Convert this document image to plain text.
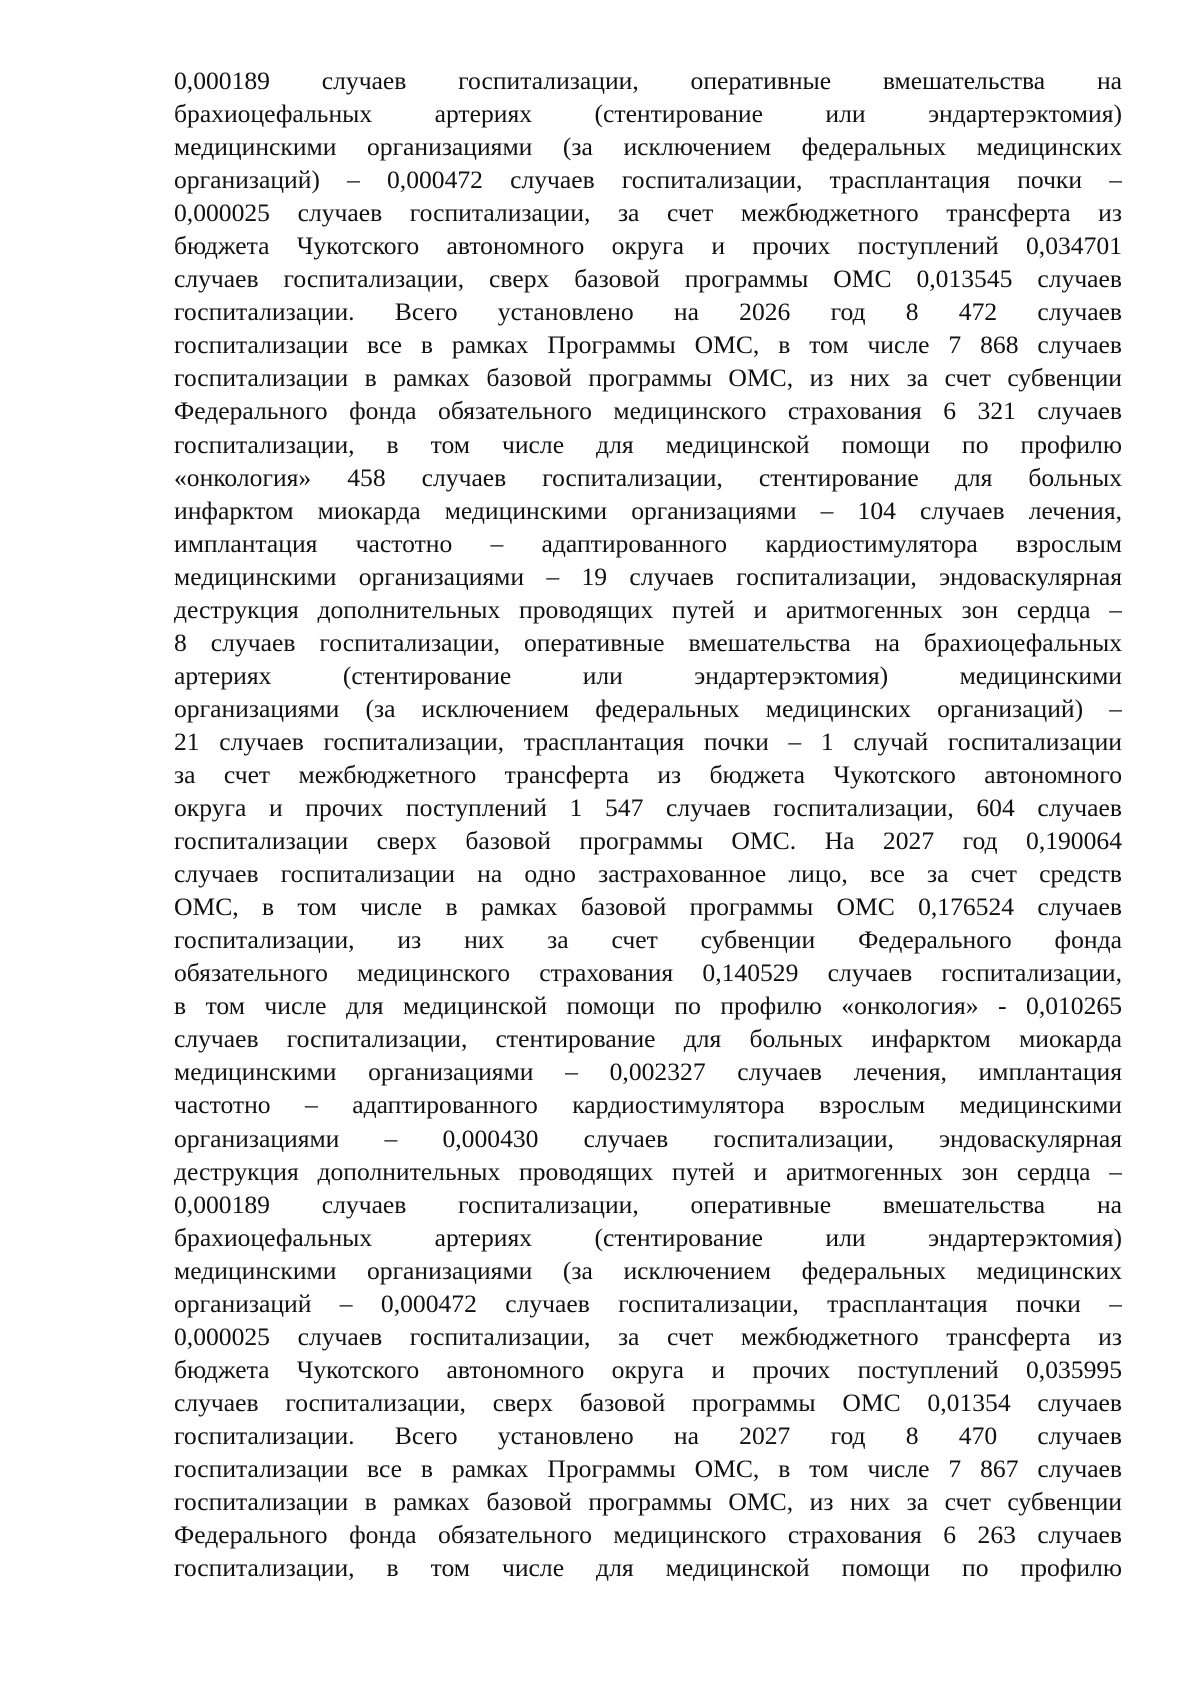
0,000189 случаев госпитализации, оперативные вмешательства на
брахиоцефальных артериях (стентирование или эндартерэктомия)
медицинскими организациями (за исключением федеральных медицинских
организаций) – 0,000472 случаев госпитализации, трасплантация почки –
0,000025 случаев госпитализации, за счет межбюджетного трансферта из
бюджета Чукотского автономного округа и прочих поступлений 0,034701
случаев госпитализации, сверх базовой программы ОМС 0,013545 случаев
госпитализации. Всего установлено на 2026 год 8 472 случаев
госпитализации все в рамках Программы ОМС, в том числе 7 868 случаев
госпитализации в рамках базовой программы ОМС, из них за счет субвенции
Федерального фонда обязательного медицинского страхования 6 321 случаев
госпитализации, в том числе для медицинской помощи по профилю
«онкология» 458 случаев госпитализации, стентирование для больных
инфарктом миокарда медицинскими организациями – 104 случаев лечения,
имплантация частотно – адаптированного кардиостимулятора взрослым
медицинскими организациями – 19 случаев госпитализации, эндоваскулярная
деструкция дополнительных проводящих путей и аритмогенных зон сердца –
8 случаев госпитализации, оперативные вмешательства на брахиоцефальных
артериях (стентирование или эндартерэктомия) медицинскими
организациями (за исключением федеральных медицинских организаций) –
21 случаев госпитализации, трасплантация почки – 1 случай госпитализации
за счет межбюджетного трансферта из бюджета Чукотского автономного
округа и прочих поступлений 1 547 случаев госпитализации, 604 случаев
госпитализации сверх базовой программы ОМС. На 2027 год 0,190064
случаев госпитализации на одно застрахованное лицо, все за счет средств
ОМС, в том числе в рамках базовой программы ОМС 0,176524 случаев
госпитализации, из них за счет субвенции Федерального фонда
обязательного медицинского страхования 0,140529 случаев госпитализации,
в том числе для медицинской помощи по профилю «онкология» - 0,010265
случаев госпитализации, стентирование для больных инфарктом миокарда
медицинскими организациями – 0,002327 случаев лечения, имплантация
частотно – адаптированного кардиостимулятора взрослым медицинскими
организациями – 0,000430 случаев госпитализации, эндоваскулярная
деструкция дополнительных проводящих путей и аритмогенных зон сердца –
0,000189 случаев госпитализации, оперативные вмешательства на
брахиоцефальных артериях (стентирование или эндартерэктомия)
медицинскими организациями (за исключением федеральных медицинских
организаций – 0,000472 случаев госпитализации, трасплантация почки –
0,000025 случаев госпитализации, за счет межбюджетного трансферта из
бюджета Чукотского автономного округа и прочих поступлений 0,035995
случаев госпитализации, сверх базовой программы ОМС 0,01354 случаев
госпитализации. Всего установлено на 2027 год 8 470 случаев
госпитализации все в рамках Программы ОМС, в том числе 7 867 случаев
госпитализации в рамках базовой программы ОМС, из них за счет субвенции
Федерального фонда обязательного медицинского страхования 6 263 случаев
госпитализации, в том числе для медицинской помощи по профилю
